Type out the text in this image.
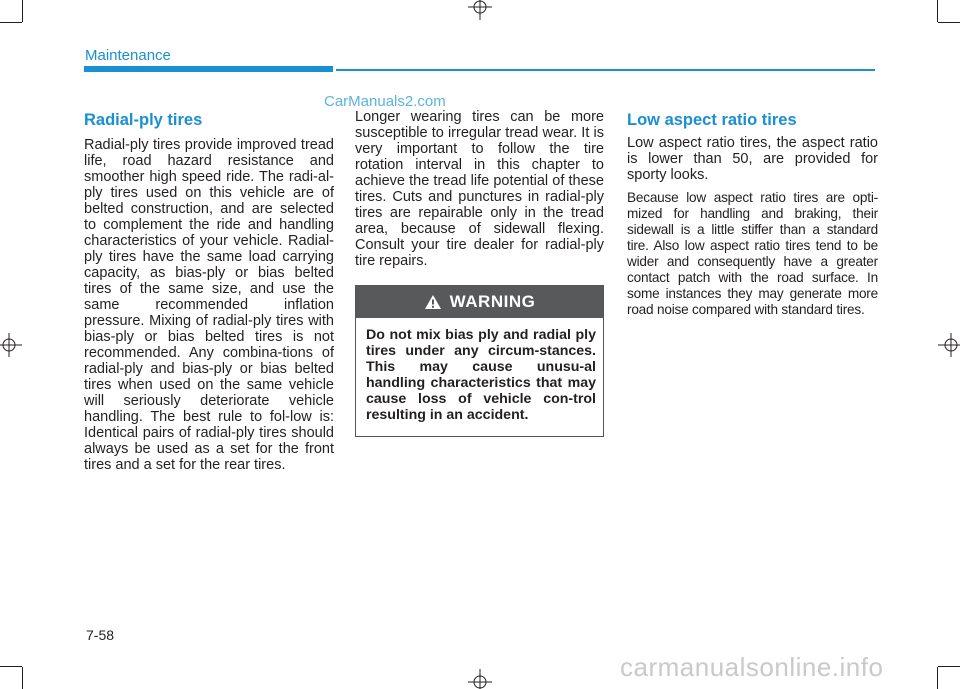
Maintenance
CarManuals2.com
Radial-ply tires

Radial-ply tires provide improved tread life, road hazard resistance and smoother high speed ride. The radi-al-ply tires used on this vehicle are of belted construction, and are selected to complement the ride and handling characteristics of your vehicle. Radial-ply tires have the same load carrying capacity, as bias-ply or bias belted tires of the same size, and use the same recommended inflation pressure. Mixing of radial-ply tires with bias-ply or bias belted tires is not recommended. Any combina-tions of radial-ply and bias-ply or bias belted tires when used on the same vehicle will seriously deteriorate vehicle handling. The best rule to fol-low is: Identical pairs of radial-ply tires should always be used as a set for the front tires and a set for the rear tires.

Longer wearing tires can be more susceptible to irregular tread wear. It is very important to follow the tire rotation interval in this chapter to achieve the tread life potential of these tires. Cuts and punctures in radial-ply tires are repairable only in the tread area, because of sidewall flexing. Consult your tire dealer for radial-ply tire repairs.

WARNING
Do not mix bias ply and radial ply tires under any circum-stances. This may cause unusu-al handling characteristics that may cause loss of vehicle con-trol resulting in an accident.
Low aspect ratio tires

Low aspect ratio tires, the aspect ratio is lower than 50, are provided for sporty looks.

Because low aspect ratio tires are opti-mized for handling and braking, their sidewall is a little stiffer than a standard tire. Also low aspect ratio tires tend to be wider and consequently have a greater contact patch with the road surface. In some instances they may generate more road noise compared with standard tires.

7-58
carmanualsonline.info
